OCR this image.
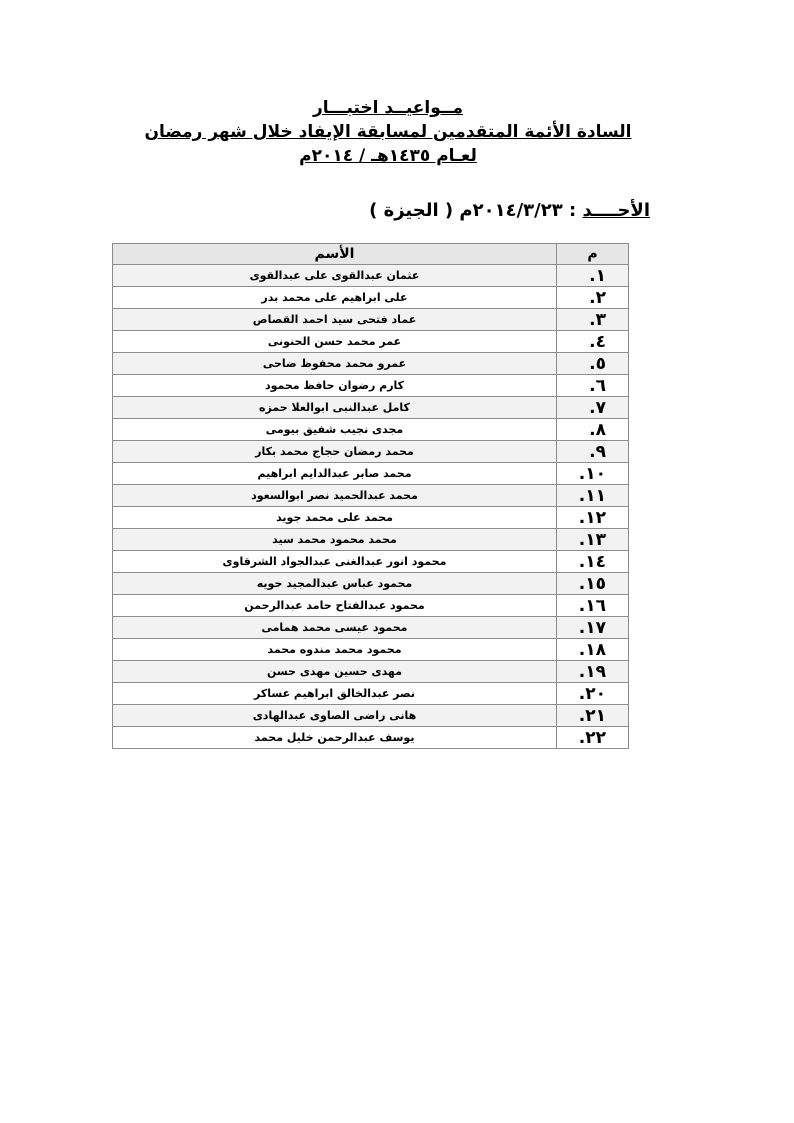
مــواعيــد اختبـــار
السادة الأئمة المتقدمين لمسابقة الإيفاد خلال شهر رمضان
لعـام ١٤٣٥هـ / ٢٠١٤م
الأحــــد : ٢٠١٤/٣/٢٣م ( الجيزة )
م	الأسم
١.	عثمان عبدالقوى على عبدالقوى
٢.	على ابراهيم على محمد بدر
٣.	عماد فتحى سيد احمد القصاص
٤.	عمر محمد حسن الحنونى
٥.	عمرو محمد محفوظ ضاحى
٦.	كارم رضوان حافظ محمود
٧.	كامل عبدالنبى ابوالعلا حمزه
٨.	مجدى نجيب شفيق بيومى
٩.	محمد رمضان حجاج محمد بكار
١٠.	محمد صابر عبدالدايم ابراهيم
١١.	محمد عبدالحميد نصر ابوالسعود
١٢.	محمد على محمد جويد
١٣.	محمد محمود محمد سيد
١٤.	محمود انور عبدالغنى عبدالجواد الشرقاوى
١٥.	محمود عباس عبدالمجيد حويه
١٦.	محمود عبدالفتاح حامد عبدالرحمن
١٧.	محمود عيسى محمد همامى
١٨.	محمود محمد مندوه محمد
١٩.	مهدى حسين مهدى حسن
٢٠.	نصر عبدالخالق ابراهيم عساكر
٢١.	هانى راضى الصاوى عبدالهادى
٢٢.	يوسف عبدالرحمن خليل محمد
